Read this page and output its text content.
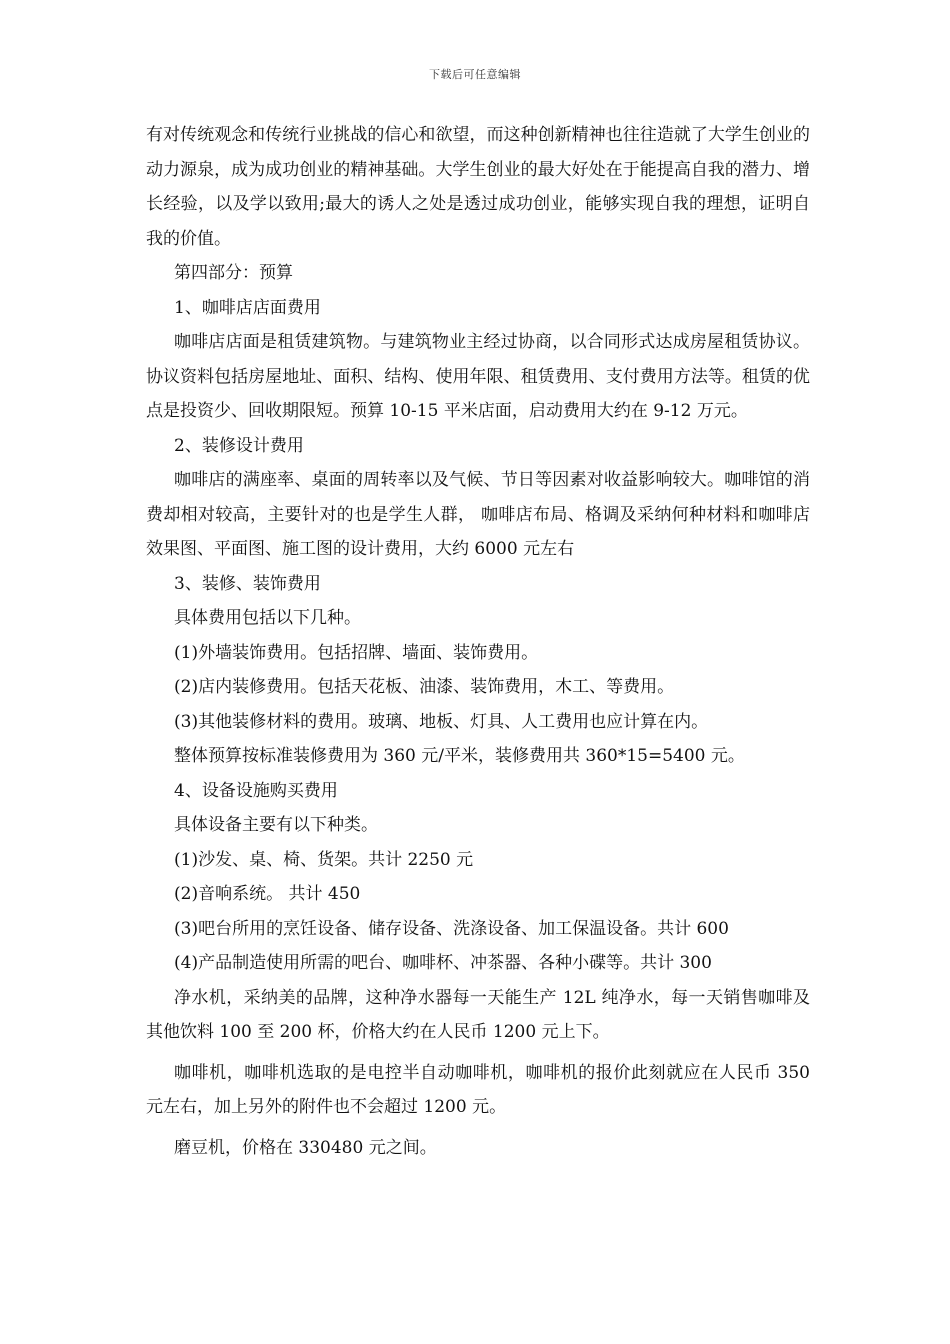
下载后可任意编辑

有对传统观念和传统行业挑战的信心和欲望，而这种创新精神也往往造就了大学生创业的动力源泉，成为成功创业的精神基础。大学生创业的最大好处在于能提高自我的潜力、增长经验，以及学以致用;最大的诱人之处是透过成功创业，能够实现自我的理想，证明自我的价值。

第四部分：预算

1、咖啡店店面费用

咖啡店店面是租赁建筑物。与建筑物业主经过协商，以合同形式达成房屋租赁协议。协议资料包括房屋地址、面积、结构、使用年限、租赁费用、支付费用方法等。租赁的优点是投资少、回收期限短。预算 10-15 平米店面，启动费用大约在 9-12 万元。

2、装修设计费用

咖啡店的满座率、桌面的周转率以及气候、节日等因素对收益影响较大。咖啡馆的消费却相对较高，主要针对的也是学生人群， 咖啡店布局、格调及采纳何种材料和咖啡店效果图、平面图、施工图的设计费用，大约 6000 元左右

3、装修、装饰费用

具体费用包括以下几种。

(1)外墙装饰费用。包括招牌、墙面、装饰费用。

(2)店内装修费用。包括天花板、油漆、装饰费用，木工、等费用。

(3)其他装修材料的费用。玻璃、地板、灯具、人工费用也应计算在内。

整体预算按标准装修费用为 360 元/平米，装修费用共 360*15=5400 元。

4、设备设施购买费用

具体设备主要有以下种类。

(1)沙发、桌、椅、货架。共计 2250 元

(2)音响系统。 共计 450

(3)吧台所用的烹饪设备、储存设备、洗涤设备、加工保温设备。共计 600

(4)产品制造使用所需的吧台、咖啡杯、冲茶器、各种小碟等。共计 300

净水机，采纳美的品牌，这种净水器每一天能生产 12L 纯净水，每一天销售咖啡及其他饮料 100 至 200 杯，价格大约在人民币 1200 元上下。

咖啡机，咖啡机选取的是电控半自动咖啡机，咖啡机的报价此刻就应在人民币 350 元左右，加上另外的附件也不会超过 1200 元。

磨豆机，价格在 330480 元之间。
